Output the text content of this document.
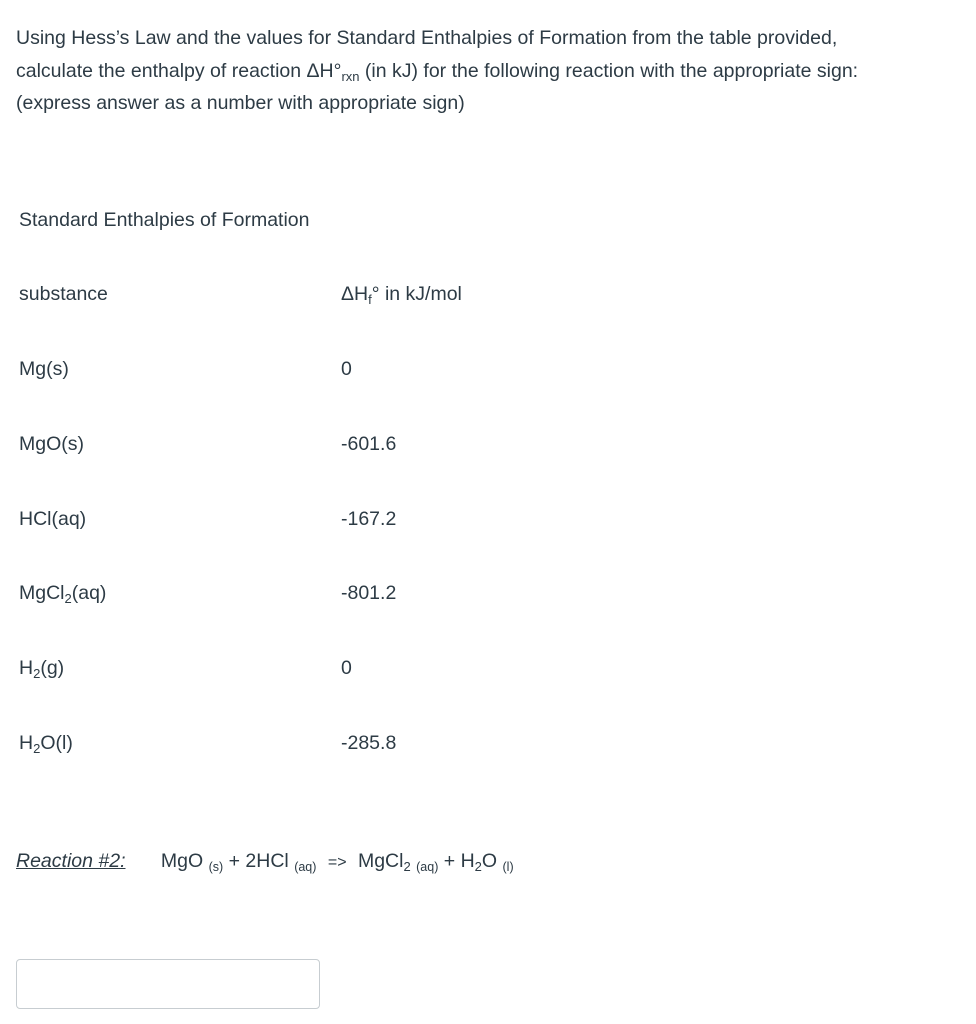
Using Hess’s Law and the values for Standard Enthalpies of Formation from the table provided,

calculate the enthalpy of reaction $\Delta H^\circ_{rxn}$ (in kJ) for the following reaction with the appropriate sign:

(express answer as a number with appropriate sign)

Standard Enthalpies of Formation
substance	$\Delta H_f^\circ$ in kJ/mol
Mg(s)	0
MgO(s)	-601.6
HCl(aq)	-167.2
MgCl$_2$(aq)	-801.2
$H_2(g)$	0
$H_2O(l)$	-285.8
Reaction #2: MgO $_{(s)}$ + 2HCl $_{(aq)}$ => MgCl$_2$ $_{(aq)} + H_2O$ $_{(l)}$
